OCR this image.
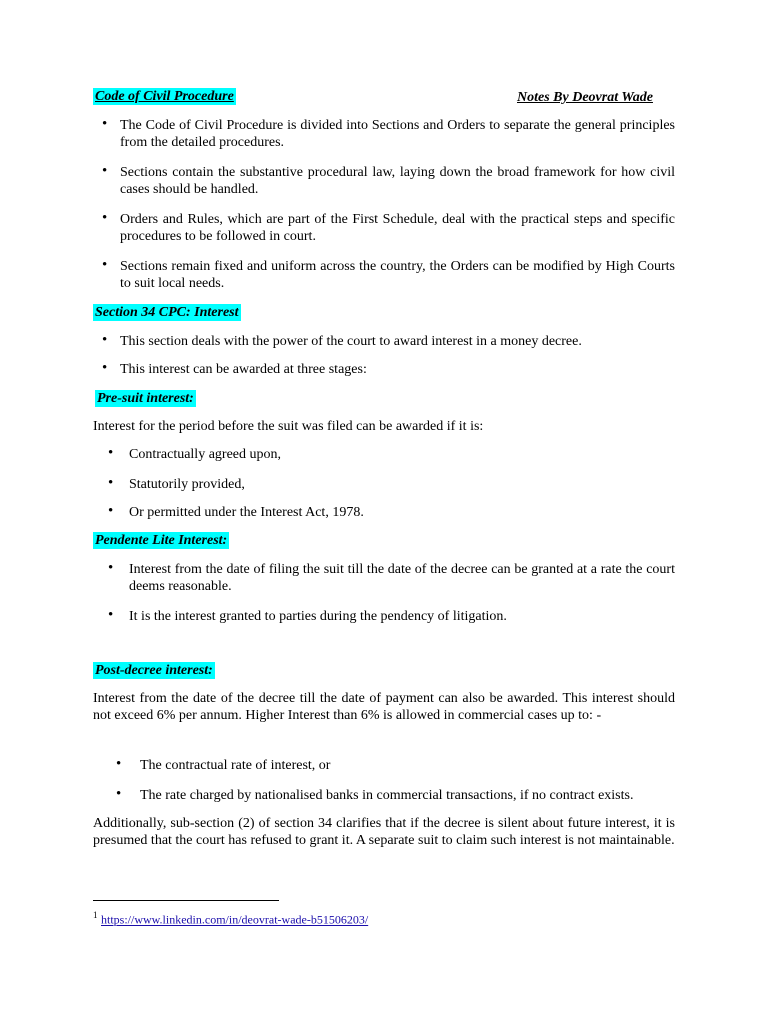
Code of Civil Procedure	Notes By Deovrat Wade
•
The Code of Civil Procedure is divided into Sections and Orders to separate the general principles from the detailed procedures.
•
Sections contain the substantive procedural law, laying down the broad framework for how civil cases should be handled.
•
Orders and Rules, which are part of the First Schedule, deal with the practical steps and specific procedures to be followed in court.
•
Sections remain fixed and uniform across the country, the Orders can be modified by High Courts to suit local needs.
Section 34 CPC: Interest
•
This section deals with the power of the court to award interest in a money decree.
•
This interest can be awarded at three stages:
Pre-suit interest:
Interest for the period before the suit was filed can be awarded if it is:
•
Contractually agreed upon,
•
Statutorily provided,
•
Or permitted under the Interest Act, 1978.
Pendente Lite Interest:
•
Interest from the date of filing the suit till the date of the decree can be granted at a rate the court deems reasonable.
•
It is the interest granted to parties during the pendency of litigation.
Post-decree interest:
Interest from the date of the decree till the date of payment can also be awarded. This interest should not exceed 6% per annum. Higher Interest than 6% is allowed in commercial cases up to: -
•
The contractual rate of interest, or
•
The rate charged by nationalised banks in commercial transactions, if no contract exists.
Additionally, sub-section (2) of section 34 clarifies that if the decree is silent about future interest, it is presumed that the court has refused to grant it. A separate suit to claim such interest is not maintainable.
$^1$ https://www.linkedin.com/in/deovrat-wade-b51506203/
